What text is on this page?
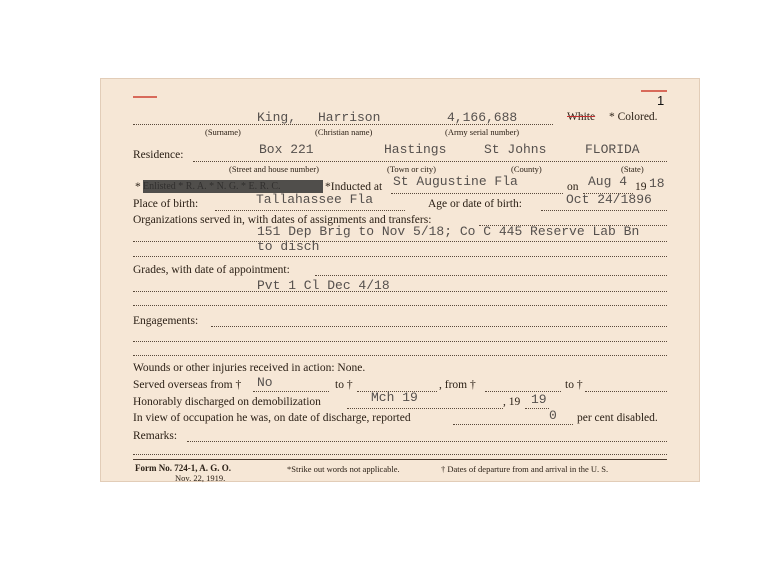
1
King, Harrison	4,166,688	White * Colored.
(Surname)	(Christian name)	(Army serial number)
Residence:	Box 221	Hastings	St Johns	FLORIDA
(Street and house number)	(Town or city)	(County)	(State)
*	*Inducted at St Augustine Fla	on Aug 4 19 18
Place of birth:	Tallahassee Fla	Age or date of birth:	Oct 24/1896
Organizations served in, with dates of assignments and transfers:
151 Dep Brig to Nov 5/18; Co C 445 Reserve Lab Bn
to disch
Grades, with date of appointment:
Pvt 1 Cl Dec 4/18
Engagements:
Wounds or other injuries received in action: None.
Served overseas from † No	to †	, from †	to †
Honorably discharged on demobilization	Mch 19	, 19 19
In view of occupation he was, on date of discharge, reported	0 per cent disabled.
Remarks:
Form No. 724-1, A. G. O.
Nov. 22, 1919.
*Strike out words not applicable.	† Dates of departure from and arrival in the U. S.
